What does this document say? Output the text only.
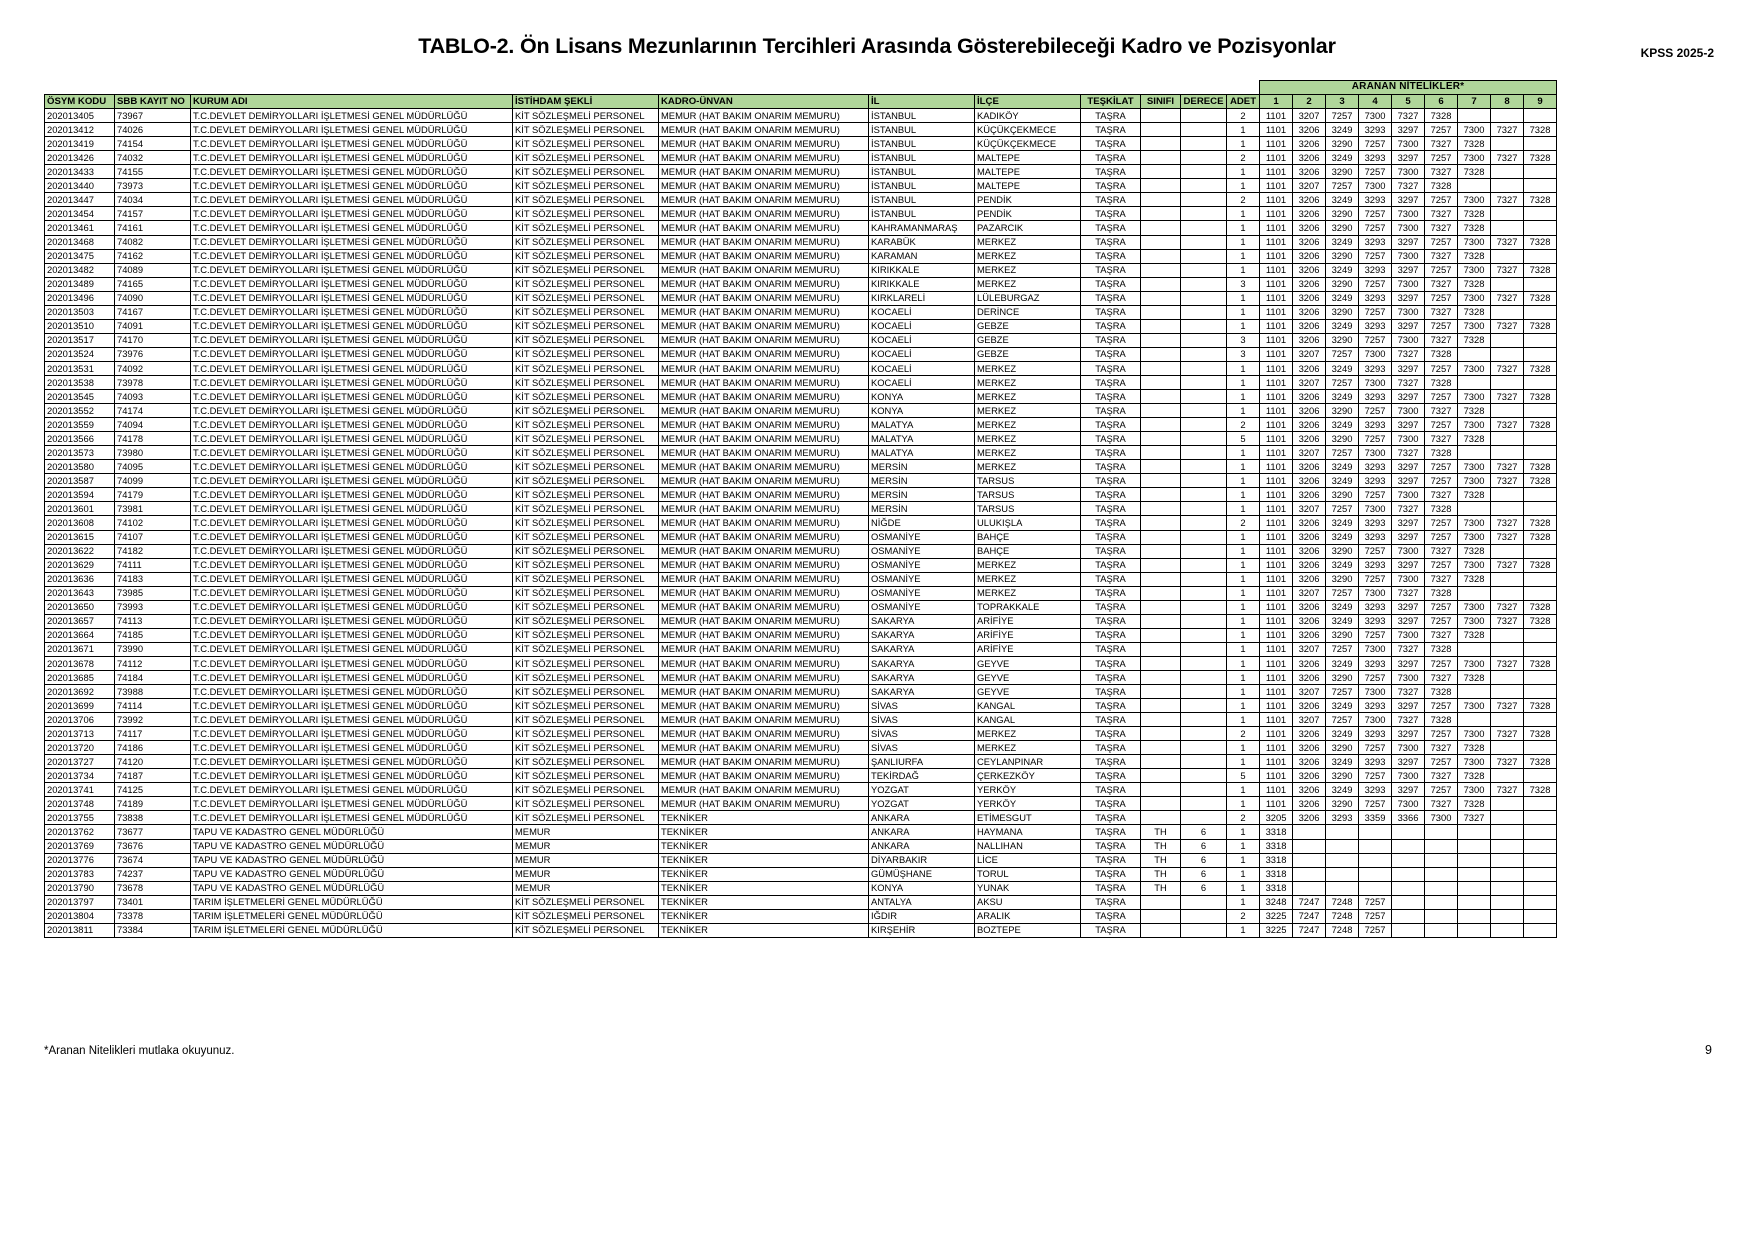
TABLO-2. Ön Lisans Mezunlarının Tercihleri Arasında Gösterebileceği Kadro ve Pozisyonlar	KPSS 2025-2
											ARANAN NİTELİKLER*								
ÖSYM KODU	SBB KAYIT NO	KURUM ADI	İSTİHDAM ŞEKLİ	KADRO-ÜNVAN	İL	İLÇE	TEŞKİLAT	SINIFI	DERECE	ADET	1	2	3	4	5	6	7	8	9
202013405	73967	T.C.DEVLET DEMİRYOLLARI İŞLETMESİ GENEL MÜDÜRLÜĞÜ	KİT SÖZLEŞMELİ PERSONEL	MEMUR (HAT BAKIM ONARIM MEMURU)	İSTANBUL	KADIKÖY	TAŞRA			2	1101	3207	7257	7300	7327	7328			
202013412	74026	T.C.DEVLET DEMİRYOLLARI İŞLETMESİ GENEL MÜDÜRLÜĞÜ	KİT SÖZLEŞMELİ PERSONEL	MEMUR (HAT BAKIM ONARIM MEMURU)	İSTANBUL	KÜÇÜKÇEKMECE	TAŞRA			1	1101	3206	3249	3293	3297	7257	7300	7327	7328
202013419	74154	T.C.DEVLET DEMİRYOLLARI İŞLETMESİ GENEL MÜDÜRLÜĞÜ	KİT SÖZLEŞMELİ PERSONEL	MEMUR (HAT BAKIM ONARIM MEMURU)	İSTANBUL	KÜÇÜKÇEKMECE	TAŞRA			1	1101	3206	3290	7257	7300	7327	7328		
202013426	74032	T.C.DEVLET DEMİRYOLLARI İŞLETMESİ GENEL MÜDÜRLÜĞÜ	KİT SÖZLEŞMELİ PERSONEL	MEMUR (HAT BAKIM ONARIM MEMURU)	İSTANBUL	MALTEPE	TAŞRA			2	1101	3206	3249	3293	3297	7257	7300	7327	7328
202013433	74155	T.C.DEVLET DEMİRYOLLARI İŞLETMESİ GENEL MÜDÜRLÜĞÜ	KİT SÖZLEŞMELİ PERSONEL	MEMUR (HAT BAKIM ONARIM MEMURU)	İSTANBUL	MALTEPE	TAŞRA			1	1101	3206	3290	7257	7300	7327	7328		
202013440	73973	T.C.DEVLET DEMİRYOLLARI İŞLETMESİ GENEL MÜDÜRLÜĞÜ	KİT SÖZLEŞMELİ PERSONEL	MEMUR (HAT BAKIM ONARIM MEMURU)	İSTANBUL	MALTEPE	TAŞRA			1	1101	3207	7257	7300	7327	7328			
202013447	74034	T.C.DEVLET DEMİRYOLLARI İŞLETMESİ GENEL MÜDÜRLÜĞÜ	KİT SÖZLEŞMELİ PERSONEL	MEMUR (HAT BAKIM ONARIM MEMURU)	İSTANBUL	PENDİK	TAŞRA			2	1101	3206	3249	3293	3297	7257	7300	7327	7328
202013454	74157	T.C.DEVLET DEMİRYOLLARI İŞLETMESİ GENEL MÜDÜRLÜĞÜ	KİT SÖZLEŞMELİ PERSONEL	MEMUR (HAT BAKIM ONARIM MEMURU)	İSTANBUL	PENDİK	TAŞRA			1	1101	3206	3290	7257	7300	7327	7328		
202013461	74161	T.C.DEVLET DEMİRYOLLARI İŞLETMESİ GENEL MÜDÜRLÜĞÜ	KİT SÖZLEŞMELİ PERSONEL	MEMUR (HAT BAKIM ONARIM MEMURU)	KAHRAMANMARAŞ	PAZARCIK	TAŞRA			1	1101	3206	3290	7257	7300	7327	7328		
202013468	74082	T.C.DEVLET DEMİRYOLLARI İŞLETMESİ GENEL MÜDÜRLÜĞÜ	KİT SÖZLEŞMELİ PERSONEL	MEMUR (HAT BAKIM ONARIM MEMURU)	KARABÜK	MERKEZ	TAŞRA			1	1101	3206	3249	3293	3297	7257	7300	7327	7328
202013475	74162	T.C.DEVLET DEMİRYOLLARI İŞLETMESİ GENEL MÜDÜRLÜĞÜ	KİT SÖZLEŞMELİ PERSONEL	MEMUR (HAT BAKIM ONARIM MEMURU)	KARAMAN	MERKEZ	TAŞRA			1	1101	3206	3290	7257	7300	7327	7328		
202013482	74089	T.C.DEVLET DEMİRYOLLARI İŞLETMESİ GENEL MÜDÜRLÜĞÜ	KİT SÖZLEŞMELİ PERSONEL	MEMUR (HAT BAKIM ONARIM MEMURU)	KIRIKKALE	MERKEZ	TAŞRA			1	1101	3206	3249	3293	3297	7257	7300	7327	7328
202013489	74165	T.C.DEVLET DEMİRYOLLARI İŞLETMESİ GENEL MÜDÜRLÜĞÜ	KİT SÖZLEŞMELİ PERSONEL	MEMUR (HAT BAKIM ONARIM MEMURU)	KIRIKKALE	MERKEZ	TAŞRA			3	1101	3206	3290	7257	7300	7327	7328		
202013496	74090	T.C.DEVLET DEMİRYOLLARI İŞLETMESİ GENEL MÜDÜRLÜĞÜ	KİT SÖZLEŞMELİ PERSONEL	MEMUR (HAT BAKIM ONARIM MEMURU)	KIRKLARELİ	LÜLEBURGAZ	TAŞRA			1	1101	3206	3249	3293	3297	7257	7300	7327	7328
202013503	74167	T.C.DEVLET DEMİRYOLLARI İŞLETMESİ GENEL MÜDÜRLÜĞÜ	KİT SÖZLEŞMELİ PERSONEL	MEMUR (HAT BAKIM ONARIM MEMURU)	KOCAELİ	DERİNCE	TAŞRA			1	1101	3206	3290	7257	7300	7327	7328		
202013510	74091	T.C.DEVLET DEMİRYOLLARI İŞLETMESİ GENEL MÜDÜRLÜĞÜ	KİT SÖZLEŞMELİ PERSONEL	MEMUR (HAT BAKIM ONARIM MEMURU)	KOCAELİ	GEBZE	TAŞRA			1	1101	3206	3249	3293	3297	7257	7300	7327	7328
202013517	74170	T.C.DEVLET DEMİRYOLLARI İŞLETMESİ GENEL MÜDÜRLÜĞÜ	KİT SÖZLEŞMELİ PERSONEL	MEMUR (HAT BAKIM ONARIM MEMURU)	KOCAELİ	GEBZE	TAŞRA			3	1101	3206	3290	7257	7300	7327	7328		
202013524	73976	T.C.DEVLET DEMİRYOLLARI İŞLETMESİ GENEL MÜDÜRLÜĞÜ	KİT SÖZLEŞMELİ PERSONEL	MEMUR (HAT BAKIM ONARIM MEMURU)	KOCAELİ	GEBZE	TAŞRA			3	1101	3207	7257	7300	7327	7328			
202013531	74092	T.C.DEVLET DEMİRYOLLARI İŞLETMESİ GENEL MÜDÜRLÜĞÜ	KİT SÖZLEŞMELİ PERSONEL	MEMUR (HAT BAKIM ONARIM MEMURU)	KOCAELİ	MERKEZ	TAŞRA			1	1101	3206	3249	3293	3297	7257	7300	7327	7328
202013538	73978	T.C.DEVLET DEMİRYOLLARI İŞLETMESİ GENEL MÜDÜRLÜĞÜ	KİT SÖZLEŞMELİ PERSONEL	MEMUR (HAT BAKIM ONARIM MEMURU)	KOCAELİ	MERKEZ	TAŞRA			1	1101	3207	7257	7300	7327	7328			
202013545	74093	T.C.DEVLET DEMİRYOLLARI İŞLETMESİ GENEL MÜDÜRLÜĞÜ	KİT SÖZLEŞMELİ PERSONEL	MEMUR (HAT BAKIM ONARIM MEMURU)	KONYA	MERKEZ	TAŞRA			1	1101	3206	3249	3293	3297	7257	7300	7327	7328
202013552	74174	T.C.DEVLET DEMİRYOLLARI İŞLETMESİ GENEL MÜDÜRLÜĞÜ	KİT SÖZLEŞMELİ PERSONEL	MEMUR (HAT BAKIM ONARIM MEMURU)	KONYA	MERKEZ	TAŞRA			1	1101	3206	3290	7257	7300	7327	7328		
202013559	74094	T.C.DEVLET DEMİRYOLLARI İŞLETMESİ GENEL MÜDÜRLÜĞÜ	KİT SÖZLEŞMELİ PERSONEL	MEMUR (HAT BAKIM ONARIM MEMURU)	MALATYA	MERKEZ	TAŞRA			2	1101	3206	3249	3293	3297	7257	7300	7327	7328
202013566	74178	T.C.DEVLET DEMİRYOLLARI İŞLETMESİ GENEL MÜDÜRLÜĞÜ	KİT SÖZLEŞMELİ PERSONEL	MEMUR (HAT BAKIM ONARIM MEMURU)	MALATYA	MERKEZ	TAŞRA			5	1101	3206	3290	7257	7300	7327	7328		
202013573	73980	T.C.DEVLET DEMİRYOLLARI İŞLETMESİ GENEL MÜDÜRLÜĞÜ	KİT SÖZLEŞMELİ PERSONEL	MEMUR (HAT BAKIM ONARIM MEMURU)	MALATYA	MERKEZ	TAŞRA			1	1101	3207	7257	7300	7327	7328			
202013580	74095	T.C.DEVLET DEMİRYOLLARI İŞLETMESİ GENEL MÜDÜRLÜĞÜ	KİT SÖZLEŞMELİ PERSONEL	MEMUR (HAT BAKIM ONARIM MEMURU)	MERSİN	MERKEZ	TAŞRA			1	1101	3206	3249	3293	3297	7257	7300	7327	7328
202013587	74099	T.C.DEVLET DEMİRYOLLARI İŞLETMESİ GENEL MÜDÜRLÜĞÜ	KİT SÖZLEŞMELİ PERSONEL	MEMUR (HAT BAKIM ONARIM MEMURU)	MERSİN	TARSUS	TAŞRA			1	1101	3206	3249	3293	3297	7257	7300	7327	7328
202013594	74179	T.C.DEVLET DEMİRYOLLARI İŞLETMESİ GENEL MÜDÜRLÜĞÜ	KİT SÖZLEŞMELİ PERSONEL	MEMUR (HAT BAKIM ONARIM MEMURU)	MERSİN	TARSUS	TAŞRA			1	1101	3206	3290	7257	7300	7327	7328		
202013601	73981	T.C.DEVLET DEMİRYOLLARI İŞLETMESİ GENEL MÜDÜRLÜĞÜ	KİT SÖZLEŞMELİ PERSONEL	MEMUR (HAT BAKIM ONARIM MEMURU)	MERSİN	TARSUS	TAŞRA			1	1101	3207	7257	7300	7327	7328			
202013608	74102	T.C.DEVLET DEMİRYOLLARI İŞLETMESİ GENEL MÜDÜRLÜĞÜ	KİT SÖZLEŞMELİ PERSONEL	MEMUR (HAT BAKIM ONARIM MEMURU)	NİĞDE	ULUKIŞLA	TAŞRA			2	1101	3206	3249	3293	3297	7257	7300	7327	7328
202013615	74107	T.C.DEVLET DEMİRYOLLARI İŞLETMESİ GENEL MÜDÜRLÜĞÜ	KİT SÖZLEŞMELİ PERSONEL	MEMUR (HAT BAKIM ONARIM MEMURU)	OSMANİYE	BAHÇE	TAŞRA			1	1101	3206	3249	3293	3297	7257	7300	7327	7328
202013622	74182	T.C.DEVLET DEMİRYOLLARI İŞLETMESİ GENEL MÜDÜRLÜĞÜ	KİT SÖZLEŞMELİ PERSONEL	MEMUR (HAT BAKIM ONARIM MEMURU)	OSMANİYE	BAHÇE	TAŞRA			1	1101	3206	3290	7257	7300	7327	7328		
202013629	74111	T.C.DEVLET DEMİRYOLLARI İŞLETMESİ GENEL MÜDÜRLÜĞÜ	KİT SÖZLEŞMELİ PERSONEL	MEMUR (HAT BAKIM ONARIM MEMURU)	OSMANİYE	MERKEZ	TAŞRA			1	1101	3206	3249	3293	3297	7257	7300	7327	7328
202013636	74183	T.C.DEVLET DEMİRYOLLARI İŞLETMESİ GENEL MÜDÜRLÜĞÜ	KİT SÖZLEŞMELİ PERSONEL	MEMUR (HAT BAKIM ONARIM MEMURU)	OSMANİYE	MERKEZ	TAŞRA			1	1101	3206	3290	7257	7300	7327	7328		
202013643	73985	T.C.DEVLET DEMİRYOLLARI İŞLETMESİ GENEL MÜDÜRLÜĞÜ	KİT SÖZLEŞMELİ PERSONEL	MEMUR (HAT BAKIM ONARIM MEMURU)	OSMANİYE	MERKEZ	TAŞRA			1	1101	3207	7257	7300	7327	7328			
202013650	73993	T.C.DEVLET DEMİRYOLLARI İŞLETMESİ GENEL MÜDÜRLÜĞÜ	KİT SÖZLEŞMELİ PERSONEL	MEMUR (HAT BAKIM ONARIM MEMURU)	OSMANİYE	TOPRAKKALE	TAŞRA			1	1101	3206	3249	3293	3297	7257	7300	7327	7328
202013657	74113	T.C.DEVLET DEMİRYOLLARI İŞLETMESİ GENEL MÜDÜRLÜĞÜ	KİT SÖZLEŞMELİ PERSONEL	MEMUR (HAT BAKIM ONARIM MEMURU)	SAKARYA	ARİFİYE	TAŞRA			1	1101	3206	3249	3293	3297	7257	7300	7327	7328
202013664	74185	T.C.DEVLET DEMİRYOLLARI İŞLETMESİ GENEL MÜDÜRLÜĞÜ	KİT SÖZLEŞMELİ PERSONEL	MEMUR (HAT BAKIM ONARIM MEMURU)	SAKARYA	ARİFİYE	TAŞRA			1	1101	3206	3290	7257	7300	7327	7328		
202013671	73990	T.C.DEVLET DEMİRYOLLARI İŞLETMESİ GENEL MÜDÜRLÜĞÜ	KİT SÖZLEŞMELİ PERSONEL	MEMUR (HAT BAKIM ONARIM MEMURU)	SAKARYA	ARİFİYE	TAŞRA			1	1101	3207	7257	7300	7327	7328			
202013678	74112	T.C.DEVLET DEMİRYOLLARI İŞLETMESİ GENEL MÜDÜRLÜĞÜ	KİT SÖZLEŞMELİ PERSONEL	MEMUR (HAT BAKIM ONARIM MEMURU)	SAKARYA	GEYVE	TAŞRA			1	1101	3206	3249	3293	3297	7257	7300	7327	7328
202013685	74184	T.C.DEVLET DEMİRYOLLARI İŞLETMESİ GENEL MÜDÜRLÜĞÜ	KİT SÖZLEŞMELİ PERSONEL	MEMUR (HAT BAKIM ONARIM MEMURU)	SAKARYA	GEYVE	TAŞRA			1	1101	3206	3290	7257	7300	7327	7328		
202013692	73988	T.C.DEVLET DEMİRYOLLARI İŞLETMESİ GENEL MÜDÜRLÜĞÜ	KİT SÖZLEŞMELİ PERSONEL	MEMUR (HAT BAKIM ONARIM MEMURU)	SAKARYA	GEYVE	TAŞRA			1	1101	3207	7257	7300	7327	7328			
202013699	74114	T.C.DEVLET DEMİRYOLLARI İŞLETMESİ GENEL MÜDÜRLÜĞÜ	KİT SÖZLEŞMELİ PERSONEL	MEMUR (HAT BAKIM ONARIM MEMURU)	SİVAS	KANGAL	TAŞRA			1	1101	3206	3249	3293	3297	7257	7300	7327	7328
202013706	73992	T.C.DEVLET DEMİRYOLLARI İŞLETMESİ GENEL MÜDÜRLÜĞÜ	KİT SÖZLEŞMELİ PERSONEL	MEMUR (HAT BAKIM ONARIM MEMURU)	SİVAS	KANGAL	TAŞRA			1	1101	3207	7257	7300	7327	7328			
202013713	74117	T.C.DEVLET DEMİRYOLLARI İŞLETMESİ GENEL MÜDÜRLÜĞÜ	KİT SÖZLEŞMELİ PERSONEL	MEMUR (HAT BAKIM ONARIM MEMURU)	SİVAS	MERKEZ	TAŞRA			2	1101	3206	3249	3293	3297	7257	7300	7327	7328
202013720	74186	T.C.DEVLET DEMİRYOLLARI İŞLETMESİ GENEL MÜDÜRLÜĞÜ	KİT SÖZLEŞMELİ PERSONEL	MEMUR (HAT BAKIM ONARIM MEMURU)	SİVAS	MERKEZ	TAŞRA			1	1101	3206	3290	7257	7300	7327	7328		
202013727	74120	T.C.DEVLET DEMİRYOLLARI İŞLETMESİ GENEL MÜDÜRLÜĞÜ	KİT SÖZLEŞMELİ PERSONEL	MEMUR (HAT BAKIM ONARIM MEMURU)	ŞANLIURFA	CEYLANPINAR	TAŞRA			1	1101	3206	3249	3293	3297	7257	7300	7327	7328
202013734	74187	T.C.DEVLET DEMİRYOLLARI İŞLETMESİ GENEL MÜDÜRLÜĞÜ	KİT SÖZLEŞMELİ PERSONEL	MEMUR (HAT BAKIM ONARIM MEMURU)	TEKİRDAĞ	ÇERKEZKÖY	TAŞRA			5	1101	3206	3290	7257	7300	7327	7328		
202013741	74125	T.C.DEVLET DEMİRYOLLARI İŞLETMESİ GENEL MÜDÜRLÜĞÜ	KİT SÖZLEŞMELİ PERSONEL	MEMUR (HAT BAKIM ONARIM MEMURU)	YOZGAT	YERKÖY	TAŞRA			1	1101	3206	3249	3293	3297	7257	7300	7327	7328
202013748	74189	T.C.DEVLET DEMİRYOLLARI İŞLETMESİ GENEL MÜDÜRLÜĞÜ	KİT SÖZLEŞMELİ PERSONEL	MEMUR (HAT BAKIM ONARIM MEMURU)	YOZGAT	YERKÖY	TAŞRA			1	1101	3206	3290	7257	7300	7327	7328		
202013755	73838	T.C.DEVLET DEMİRYOLLARI İŞLETMESİ GENEL MÜDÜRLÜĞÜ	KİT SÖZLEŞMELİ PERSONEL	TEKNİKER	ANKARA	ETİMESGUT	TAŞRA			2	3205	3206	3293	3359	3366	7300	7327		
202013762	73677	TAPU VE KADASTRO GENEL MÜDÜRLÜĞÜ	MEMUR	TEKNİKER	ANKARA	HAYMANA	TAŞRA	TH	6	1	3318								
202013769	73676	TAPU VE KADASTRO GENEL MÜDÜRLÜĞÜ	MEMUR	TEKNİKER	ANKARA	NALLIHAN	TAŞRA	TH	6	1	3318								
202013776	73674	TAPU VE KADASTRO GENEL MÜDÜRLÜĞÜ	MEMUR	TEKNİKER	DİYARBAKIR	LİCE	TAŞRA	TH	6	1	3318								
202013783	74237	TAPU VE KADASTRO GENEL MÜDÜRLÜĞÜ	MEMUR	TEKNİKER	GÜMÜŞHANE	TORUL	TAŞRA	TH	6	1	3318								
202013790	73678	TAPU VE KADASTRO GENEL MÜDÜRLÜĞÜ	MEMUR	TEKNİKER	KONYA	YUNAK	TAŞRA	TH	6	1	3318								
202013797	73401	TARIM İŞLETMELERİ GENEL MÜDÜRLÜĞÜ	KİT SÖZLEŞMELİ PERSONEL	TEKNİKER	ANTALYA	AKSU	TAŞRA			1	3248	7247	7248	7257					
202013804	73378	TARIM İŞLETMELERİ GENEL MÜDÜRLÜĞÜ	KİT SÖZLEŞMELİ PERSONEL	TEKNİKER	IĞDIR	ARALIK	TAŞRA			2	3225	7247	7248	7257					
202013811	73384	TARIM İŞLETMELERİ GENEL MÜDÜRLÜĞÜ	KİT SÖZLEŞMELİ PERSONEL	TEKNİKER	KIRŞEHİR	BOZTEPE	TAŞRA			1	3225	7247	7248	7257					
*Aranan Nitelikleri mutlaka okuyunuz.	9
